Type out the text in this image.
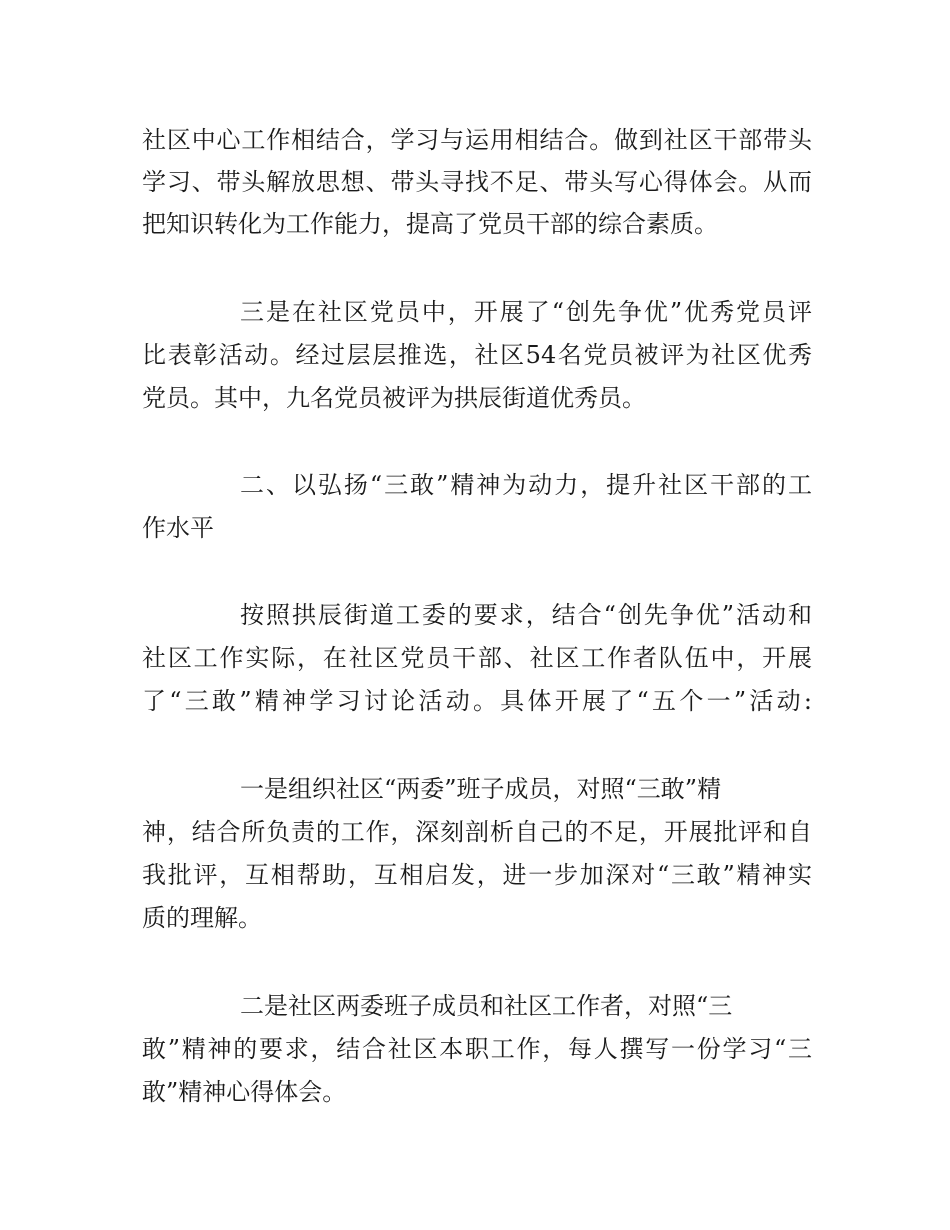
社区中心工作相结合，学习与运用相结合。做到社区干部带头
学习、带头解放思想、带头寻找不足、带头写心得体会。从而
把知识转化为工作能力，提高了党员干部的综合素质。
三是在社区党员中，开展了“创先争优”优秀党员评
比表彰活动。经过层层推选，社区54名党员被评为社区优秀
党员。其中，九名党员被评为拱辰街道优秀员。
二、以弘扬“三敢”精神为动力，提升社区干部的工
作水平
按照拱辰街道工委的要求，结合“创先争优”活动和
社区工作实际，在社区党员干部、社区工作者队伍中，开展
了“三敢”精神学习讨论活动。具体开展了“五个一”活动:
一是组织社区“两委”班子成员，对照“三敢”精
神，结合所负责的工作，深刻剖析自己的不足，开展批评和自
我批评，互相帮助，互相启发，进一步加深对“三敢”精神实
质的理解。
二是社区两委班子成员和社区工作者，对照“三
敢”精神的要求，结合社区本职工作，每人撰写一份学习“三
敢”精神心得体会。
